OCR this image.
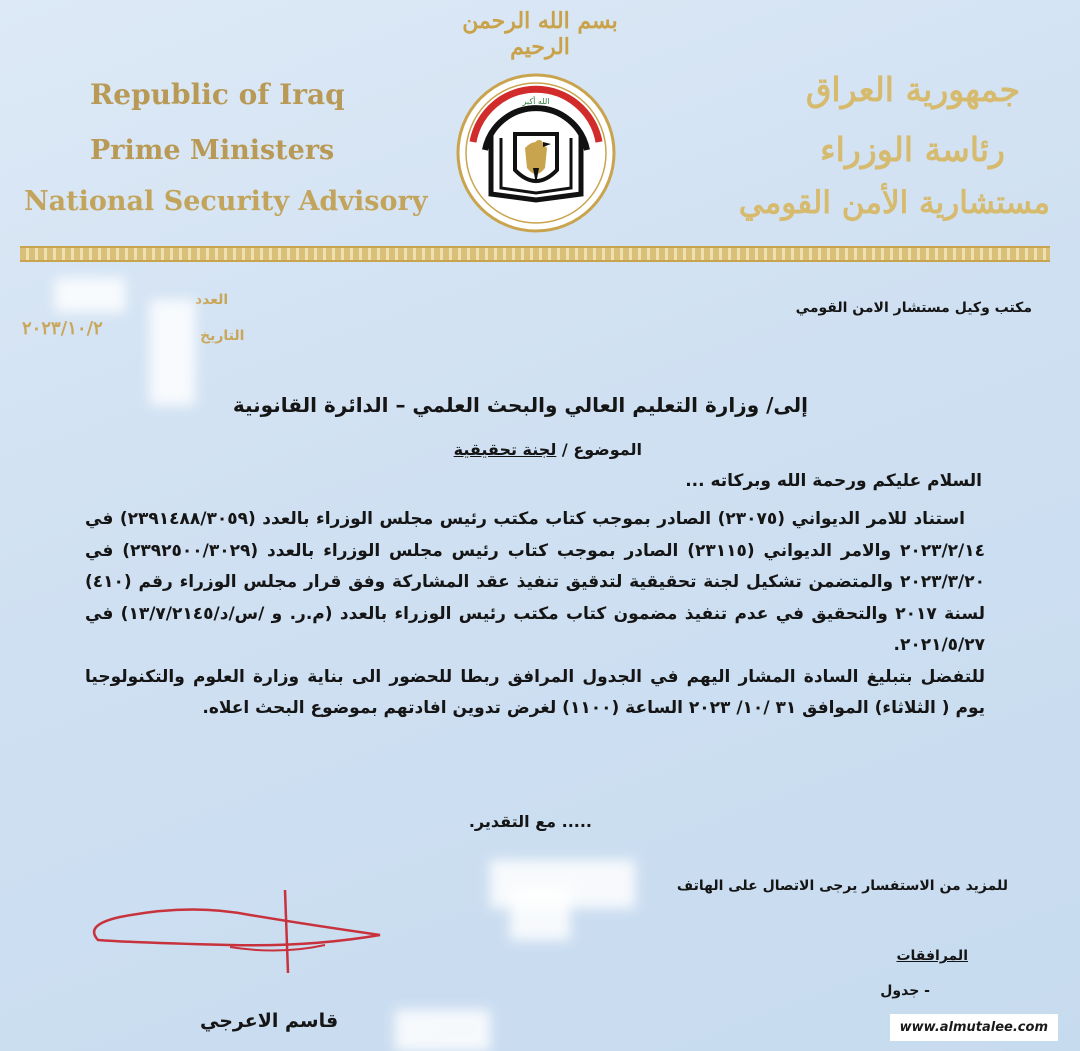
بسم الله الرحمن الرحيم
Republic of Iraq
Prime Ministers
National Security Advisory
جمهورية العراق
رئاسة الوزراء
مستشارية الأمن القومي
الله أكبر
مكتب وكيل مستشار الامن القومي
العدد
التاريخ
٢٠٢٣/١٠/٢
إلى/ وزارة التعليم العالي والبحث العلمي – الدائرة القانونية
الموضوع / لجنة تحقيقية
السلام عليكم ورحمة الله وبركاته ...

استناد للامر الديواني (٢٣٠٧٥) الصادر بموجب كتاب مكتب رئيس مجلس الوزراء بالعدد (٢٣٩١٤٨٨/٣٠٥٩) في ٢٠٢٣/٢/١٤ والامر الديواني (٢٣١١٥) الصادر بموجب كتاب رئيس مجلس الوزراء بالعدد (٢٣٩٢٥٠٠/٣٠٢٩) في ٢٠٢٣/٣/٢٠ والمتضمن تشكيل لجنة تحقيقية لتدقيق تنفيذ عقد المشاركة وفق قرار مجلس الوزراء رقم (٤١٠) لسنة ٢٠١٧ والتحقيق في عدم تنفيذ مضمون كتاب مكتب رئيس الوزراء بالعدد (م.ر. و /س/د/١٣/٧/٢١٤٥) في ٢٠٢١/٥/٢٧.

للتفضل بتبليغ السادة المشار اليهم في الجدول المرافق ربطا للحضور الى بناية وزارة العلوم والتكنولوجيا يوم ( الثلاثاء) الموافق ٣١ /١٠/ ٢٠٢٣ الساعة (١١٠٠) لغرض تدوين افادتهم بموضوع البحث اعلاه.

..... مع التقدير.
للمزيد من الاستفسار يرجى الاتصال على الهاتف
المرافقات
- جدول
قاسم الاعرجي	www.almutalee.com
